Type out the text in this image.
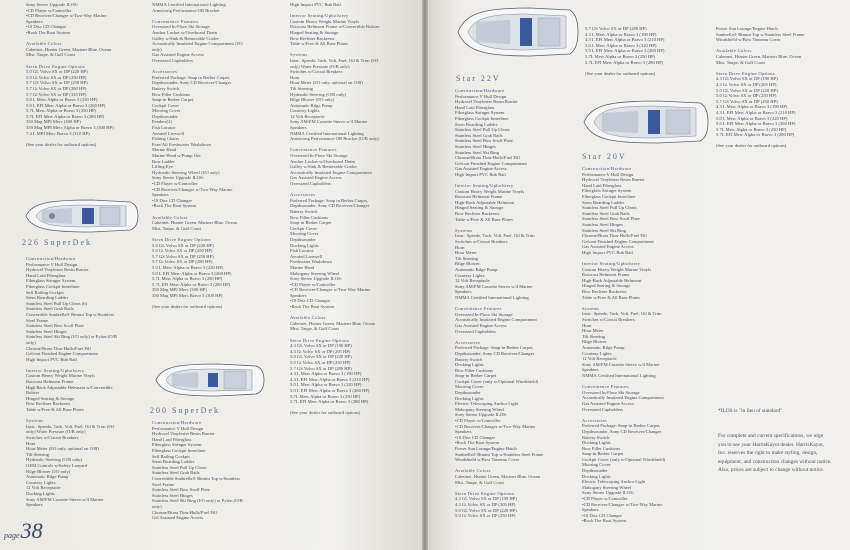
Sony Stereo Upgrade ILOS:
•CD Player w/Controller
•CD Receiver/Changer w/Two-Way Marine
Speakers
•10 Disc CD Changer
•Rock The Boat System

Available Colors
Cabernet, Hunter Green, Mariner Blue, Ocean
Mist, Taupe, & Gulf Coast

Stern Drive Engine Options
5.0 GL Volvo SX or DP (220 HP)
5.0 Gi Volvo SX or DP (250 HP)
5.7 GS Volvo SX or DP (250 HP)
5.7 Gi Volvo SX or DP (280 HP)
5.7 Gi Volvo SX or DP (310 HP)
5.0 L Merc Alpha or Bravo 3 (220 HP)
5.0 L EFI Merc Alpha or Bravo 3 (260 HP)
5.7L Merc Alpha or Bravo 3 (250 HP)
5.7L EFI Merc Alpha or Bravo 3 (280 HP)
350 Mag MPI Merc (300 HP)
350 Mag MPI Merc Alpha or Bravo 3 (300 HP)
7.4 L MPI Merc Bravo 3 (310 HP)

(See your dealer for outboard options)
Construction/Hardware
Performance V Hull Design
Hydrocel Vinylester Resin Barrier
Hand Laid Fiberglass
Fiberglass Stringer System
Fiberglass Cockpit Innerliner
Self Bailing Cockpit
Stern Boarding Ladder
Stainless Steel Pull Up Cleats (6)
Stainless Steel Grab Rails
Convertible Sunbrella® Bimini Top w/Stainless
Steel Frame
Stainless Steel Bow Scuff Plate
Stainless Steel Hinges
Stainless Steel Ski Ring (I/O only) or Pylon (O/B
only)
Chrome/Brass Thru-Hulls/Fuel Fill
Gelcoat Finished Engine Compartment
High Impact PVC Rub Rail

Interior Seating/Upholstery
Custom Heavy Weight Marine Vinyls
Rotocast Helmseat Frame
High Back Adjustable Helmseat w/Convertible
Bolster
Hinged Seating & Storage
Bow Recliner Backrests
Table w/Free & All Base Plates

Systems
Instr.: Speedo, Tach, Volt, Fuel, Oil & Trim (I/O
only) Water Pressure (O/B only)
Switches w/Circuit Breakers
Horn
Hour Meter (I/O only, optional on O/B)
Tilt Steering
Hydraulic Steering (O/B only)
OEM Controls w/Safety Lanyard
Bilge Blower (I/O only)
Automatic Bilge Pump
Courtesy Lights
12 Volt Receptacle
Docking Lights
Sony AM/FM Cassette Stereo w/4 Marine
Speakers
NMMA Certified International Lighting
Armstrong Performance OB Bracket

Convenience Features
Oversized In-Floor Ski Storage
Anchor Locker w/Overboard Drain
Galley w/Sink & Removable Cooler
Acoustically Insulated Engine Compartment (I/O
only)
Gas Assisted Engine Access
Oversized Cupholders

Accessories
Preferred Package: Snap in Berber Carpet,
Depthsounder, Sony CD Receiver/Changer
Battery Switch
Bow Filler Cushions
Snap-in Berber Carpet
Cockpit Cover
Mooring Cover
Depthsounder
Fenders(2)
Fish Locator
Aerated Livewell
Fishing Chairs
Fore/Aft Freshwater Washdown
Marine Head
Marine Head w/Pump Out
Bow Ladder
Lifting Eye
Hydraulic Steering Wheel (I/O only)
Sony Stereo Upgrade ILOS:
•CD Player w/Controller
•CD Receiver/Changer w/Two-Way Marine
Speakers
•10 Disc CD Changer
•Rock The Boat System

Available Colors
Cabernet, Hunter Green, Mariner Blue, Ocean
Mist, Taupe, & Gulf Coast

Stern Drive Engine Options
5.0 GL Volvo SX or DP (220 HP)
5.0 Gi Volvo SX or DP (250 HP)
5.7 GS Volvo SX or DP (250 HP)
5.7 Gi Volvo SX or DP (280 HP)
5.0 L Merc Alpha or Bravo 3 (220 HP)
5.0 L EFI Merc Alpha or Bravo 3 (260 HP)
5.7L Merc Alpha or Bravo 3 (250 HP)
5.7L EFI Merc Alpha or Bravo 3 (280 HP)
350 Mag MPI Merc (300 HP)
350 Mag MPI Merc Bravo 3 (300 HP)

(See your dealer for outboard options)
Construction/Hardware
Performance V Hull Design
Hydrocel Vinylester Resin Barrier
Hand Laid Fiberglass
Fiberglass Stringer System
Fiberglass Cockpit Innerliner
Self Bailing Cockpit
Stern Boarding Ladder
Stainless Steel Pull Up Cleats
Stainless Steel Grab Rails
Convertible Sunbrella® Bimini Top w/Stainless
Steel Frame
Stainless Steel Bow Scuff Plate
Stainless Steel Hinges
Stainless Steel Ski Ring (I/O only) or Pylon (O/B
only)
Chrome/Brass Thru-Hulls/Fuel Fill
Gel Assisted Engine Access
High Impact PVC Rub Rail

Interior Seating/Upholstery
Custom Heavy Weight Marine Vinyls
Rotocast Helmseat Frame w/Convertible Bolster
Hinged Seating & Storage
Bow Recliner Backrests
Table w/Free & All Base Plates

Systems
Instr.: Speedo, Tach, Volt, Fuel, Oil & Trim (I/O
only) Water Pressure (O/B only)
Switches w/Circuit Breakers
Horn
Hour Meter (I/O only, optional on O/B)
Tilt Steering
Hydraulic Steering (O/B only)
Bilge Blower (I/O only)
Automatic Bilge Pump
Courtesy Lights
12 Volt Receptacle
Sony AM/FM Cassette Stereo w/4 Marine
Speakers
NMMA Certified International Lighting
Armstrong Performance OB Bracket (O/B only)

Convenience Features
Oversized In-Floor Ski Storage
Anchor Locker w/Overboard Drain
Galley w/Sink & Removable Cooler
Acoustically Insulated Engine Compartment
Gas Assisted Engine Access
Oversized Cupholders

Accessories
Preferred Package: Snap in Berber Carpet,
Depthsounder, Sony CD Receiver/Changer
Battery Switch
Bow Filler Cushions
Snap-in Berber Carpet
Cockpit Cover
Mooring Cover
Depthsounder
Docking Lights
Fish Locator
Aerated Livewell
Freshwater Washdown
Marine Head
Mahogany Steering Wheel
Sony Stereo Upgrade ILOS:
•CD Player w/Controller
•CD Receiver/Changer w/Two-Way Marine
Speakers
•10 Disc CD Changer
•Rock The Boat System

Available Colors
Cabernet, Hunter Green, Mariner Blue, Ocean
Mist, Taupe, & Gulf Coast

Stern Drive Engine Options
4.3 GL Volvo SX or DP (190 HP)
4.3 Gi Volvo SX or DP (205 HP)
5.0 GL Volvo SX or DP (220 HP)
5.0 Gi Volvo SX or DP (250 HP)
5.7 GS Volvo SX or DP (280 HP)
4.3 L Merc Alpha or Bravo 3 (190 HP)
4.3 L EFI Merc Alpha or Bravo 3 (210 HP)
5.0 L Merc Alpha or Bravo 3 (220 HP)
5.0 L EFI Merc Alpha or Bravo 3 (260 HP)
5.7L Merc Alpha or Bravo 3 (250 HP)
5.7L EFI Merc Alpha or Bravo 3 (280 HP)

(See your dealer for outboard options)
226 SuperDek
200 SuperDek
5.7 GS Volvo SX or DP (280 HP)
4.3 L Merc Alpha or Bravo 3 (190 HP)
4.3 L EFI Merc Alpha or Bravo 3 (210 HP)
5.0 L Merc Alpha or Bravo 3 (220 HP)
5.0 L EFI Merc Alpha or Bravo 3 (260 HP)
5.7L Merc Alpha or Bravo 3 (250 HP)
5.7L EFI Merc Alpha or Bravo 3 (280 HP)

(See your dealer for outboard options)
Construction/Hardware
Performance V Hull Design
Hydrocel Vinylester Resin Barrier
Hand Laid Fiberglass
Fiberglass Stringer System
Fiberglass Cockpit Innerliner
Stern Boarding Ladder
Stainless Steel Pull Up Cleats
Stainless Steel Grab Rails
Stainless Steel Bow Scuff Plate
Stainless Steel Hinges
Stainless Steel Ski Ring
Chrome/Brass Thru-Hulls/Fuel Fill
Gelcoat Finished Engine Compartment
Gas Assisted Engine Access
High Impact PVC Rub Rail

Interior Seating/Upholstery
Custom Heavy Weight Marine Vinyls
Rotocast Helmseat Frame
High-Back Adjustable Helmseat
Hinged Seating & Storage
Bow Recliner Backrests
Table w/Free & All Base Plates

Systems
Instr.: Speedo, Tach, Volt, Fuel, Oil & Trim
Switches w/Circuit Breakers
Horn
Hour Meter
Tilt Steering
Bilge Blower
Automatic Bilge Pump
Courtesy Lights
12 Volt Receptacle
Sony AM/FM Cassette Stereo w/4 Marine
Speakers
NMMA Certified International Lighting

Convenience Features
Oversized In-Floor Ski Storage
Acoustically Insulated Engine Compartment
Gas Assisted Engine Access
Oversized Cupholders

Accessories
Preferred Package: Snap-in Berber Carpet,
Depthsounder, Sony CD Receiver/Changer
Battery Switch
Docking Lights
Bow Filler Cushions
Snap-in Berber Carpet
Cockpit Cover (only w/Optional Windshield)
Mooring Cover
Depthsounder
Docking Lights
Electric Telescoping Anchor Light
Mahogany Steering Wheel
Sony Stereo Upgrade ILOS:
•CD Player w/Controller
•CD Receiver/Changer w/Two-Way Marine
Speakers
•10 Disc CD Changer
•Rock The Boat System
Power Sun Lounge/Engine Hatch
Sunbrella® Bimini Top w/Stainless Steel Frame
Windshield w/Bow Tonneau Cover

Available Colors
Cabernet, Hunter Green, Mariner Blue, Ocean
Mist, Taupe, & Gulf Coast

Stern Drive Engine Options
4.3 GL Volvo SX or DP (190 HP)
4.3 Gi Volvo SX or DP (205 HP)
5.0 GL Volvo SX or DP (220 HP)
5.0 Gi Volvo SX or DP (250 HP)
Construction/Hardware
Performance V Hull Design
Hydrocel Vinylester Resin Barrier
Hand Laid Fiberglass
Fiberglass Stringer System
Fiberglass Cockpit Innerliner
Stern Boarding Ladder
Stainless Steel Pull Up Cleats
Stainless Steel Grab Rails
Stainless Steel Bow Scuff Plate
Stainless Steel Hinges
Stainless Steel Ski Ring
Chrome/Brass Thru-Hulls/Fuel Fill
Gelcoat Finished Engine Compartment
Gas Assisted Engine Access
High Impact PVC Rub Rail

Interior Seating/Upholstery
Custom Heavy Weight Marine Vinyls
Rotocast Helmseat Frame
High-Back Adjustable Helmseat
Hinged Seating & Storage
Bow Recliner Backrests
Table w/Free & All Base Plates

Systems
Instr.: Speedo, Tach, Volt, Fuel, Oil & Trim
Switches w/Circuit Breakers
Horn
Hour Meter
Tilt Steering
Bilge Blower
Automatic Bilge Pump
Courtesy Lights
12 Volt Receptacle
Sony AM/FM Cassette Stereo w/4 Marine
Speakers
NMMA Certified International Lighting

Convenience Features
Oversized In-Floor Ski Storage
Acoustically Insulated Engine Compartment
Gas Assisted Engine Access
Oversized Cupholders

Accessories
Preferred Package: Snap-in Berber Carpet,
Depthsounder, Sony CD Receiver/Changer
Battery Switch
Docking Lights
Bow Filler Cushions
Snap-in Berber Carpet
Cockpit Cover (only w/Optional Windshield)
Mooring Cover
Depthsounder
Docking Lights
Electric Telescoping Anchor Light
Mahogany Steering Wheel
Sony Stereo Upgrade ILOS:
•CD Player w/Controller
•CD Receiver/Changer w/Two-Way Marine
Speakers
•10 Disc CD Changer
•Rock The Boat System
Power Sun Lounge/Engine Hatch
Sunbrella® Bimini Top w/Stainless Steel Frame
Windshield w/Bow Tonneau Cover

Available Colors
Cabernet, Hunter Green, Mariner Blue, Ocean
Mist, Taupe, & Gulf Coast

Stern Drive Engine Options
4.3 GL Volvo SX or DP (190 HP)
4.3 Gi Volvo SX or DP (205 HP)
5.0 GL Volvo SX or DP (220 HP)
5.0 Gi Volvo SX or DP (250 HP)
5.7 GS Volvo SX or DP (250 HP)
4.3 L Merc Alpha or Bravo 3 (190 HP)
4.3 L EFI Merc Alpha or Bravo 3 (210 HP)
5.0 L Merc Alpha or Bravo 3 (220 HP)
5.0 L EFI Merc Alpha or Bravo 3 (260 HP)
5.7L Merc Alpha or Bravo 3 (250 HP)
5.7L EFI Merc Alpha or Bravo 3 (280 HP)

(See your dealer for outboard options)
Star 22V
Star 20V
*ILOS is "in lieu of standard"
For complete and current specifications, we urge you to see your HarrisKayot dealer. HarrisKayot, Inc. reserves the right to make styling, design, equipment, and construction changes without notice. Also, prices are subject to change without notice.
page38
